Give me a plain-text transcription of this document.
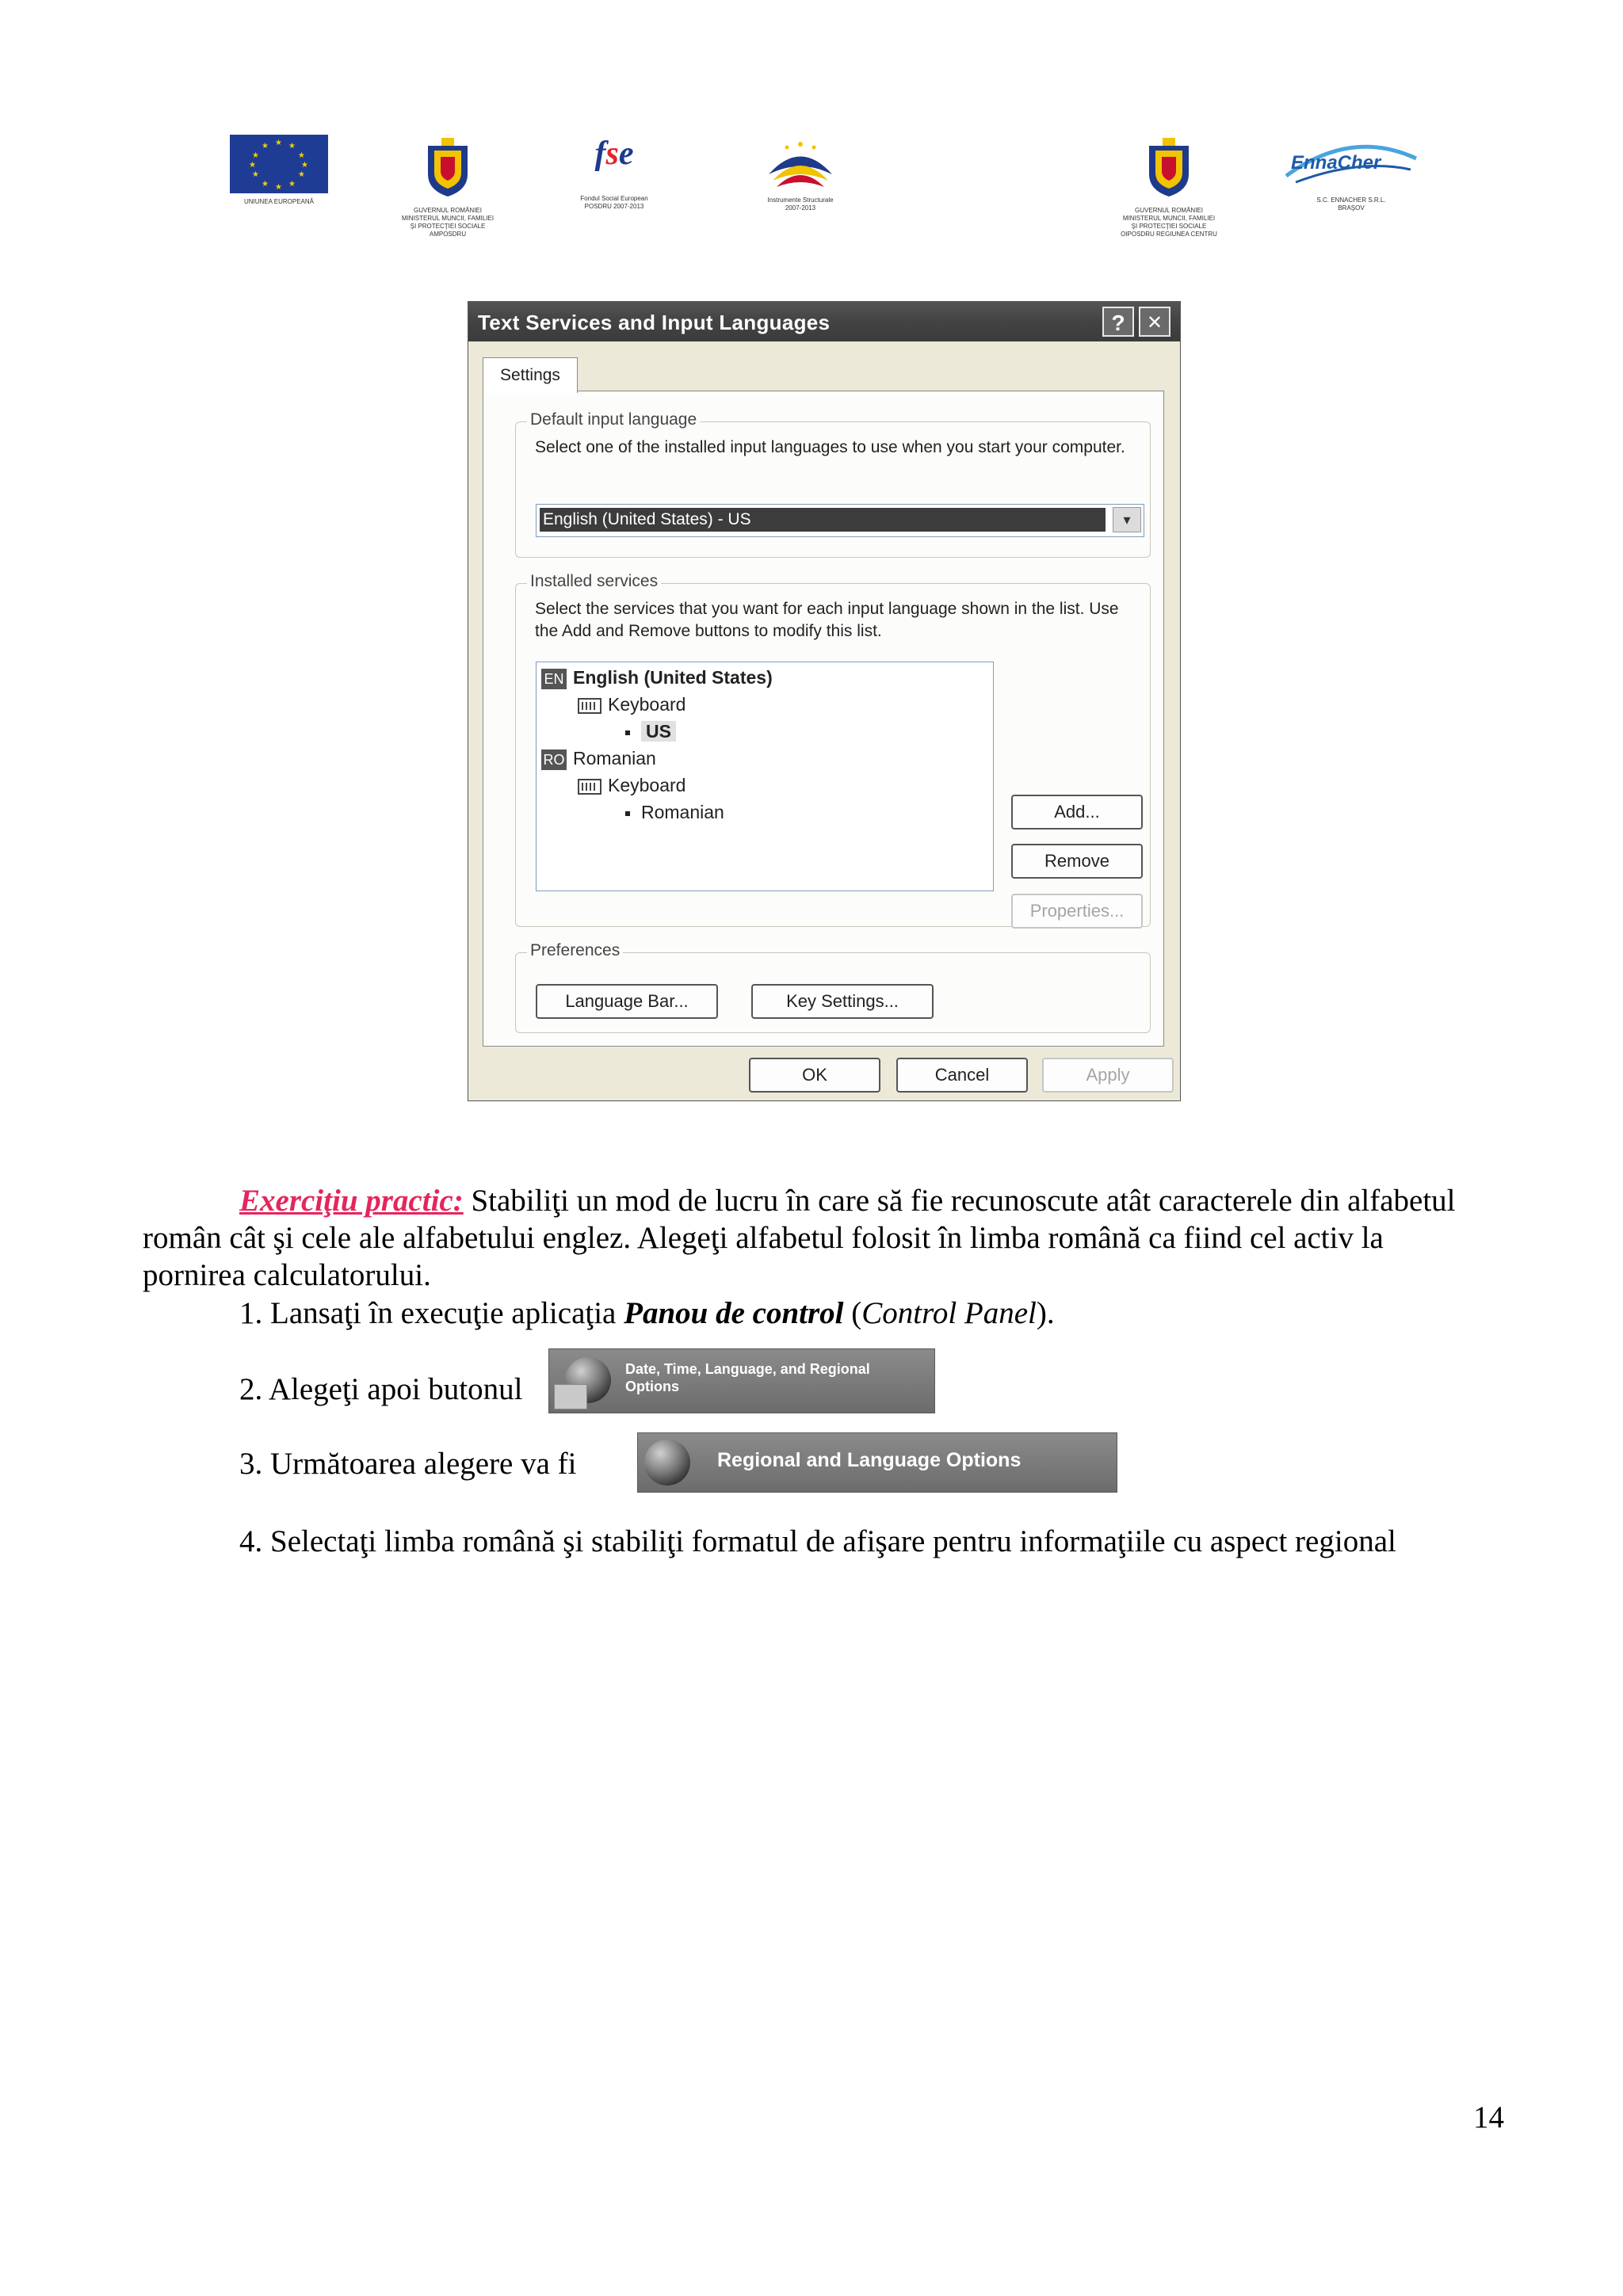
★ ★
★
★
★
★
★
★
★
★
★
★
UNIUNEA EUROPEANĂ
GUVERNUL ROMÂNIEI
MINISTERUL MUNCII, FAMILIEI
ŞI PROTECŢIEI SOCIALE
AMPOSDRU
fse
Fondul Social European
POSDRU 2007-2013
Instrumente Structurale
2007-2013	GUVERNUL ROMÂNIEI
MINISTERUL MUNCII, FAMILIEI
ŞI PROTECŢIEI SOCIALE
OIPOSDRU REGIUNEA CENTRU
EnnaCher
S.C. ENNACHER S.R.L.
BRAŞOV
Text Services and Input Languages	?	✕
Settings
Default input language
Select one of the installed input languages to use when you start your computer.
English (United States) - US	▾
Installed services
Select the services that you want for each input language shown in the list. Use the Add and Remove buttons to modify this list.
EN English (United States)
Keyboard
US
RO Romanian
Keyboard
Romanian	Add...
Remove
Properties...
Preferences
Language Bar...	Key Settings...
OK	Cancel	Apply
Exerciţiu practic: Stabiliţi un mod de lucru în care să fie recunoscute atât caracterele din alfabetul român cât şi cele ale alfabetului englez. Alegeţi alfabetul folosit în limba română ca fiind cel activ la pornirea calculatorului.
1. Lansaţi în execuţie aplicaţia Panou de control (Control Panel).
2. Alegeţi apoi butonul
Date, Time, Language, and Regional Options
3. Următoarea alegere va fi	Regional and Language Options
4. Selectaţi limba română şi stabiliţi formatul de afişare pentru informaţiile cu aspect regional
14
